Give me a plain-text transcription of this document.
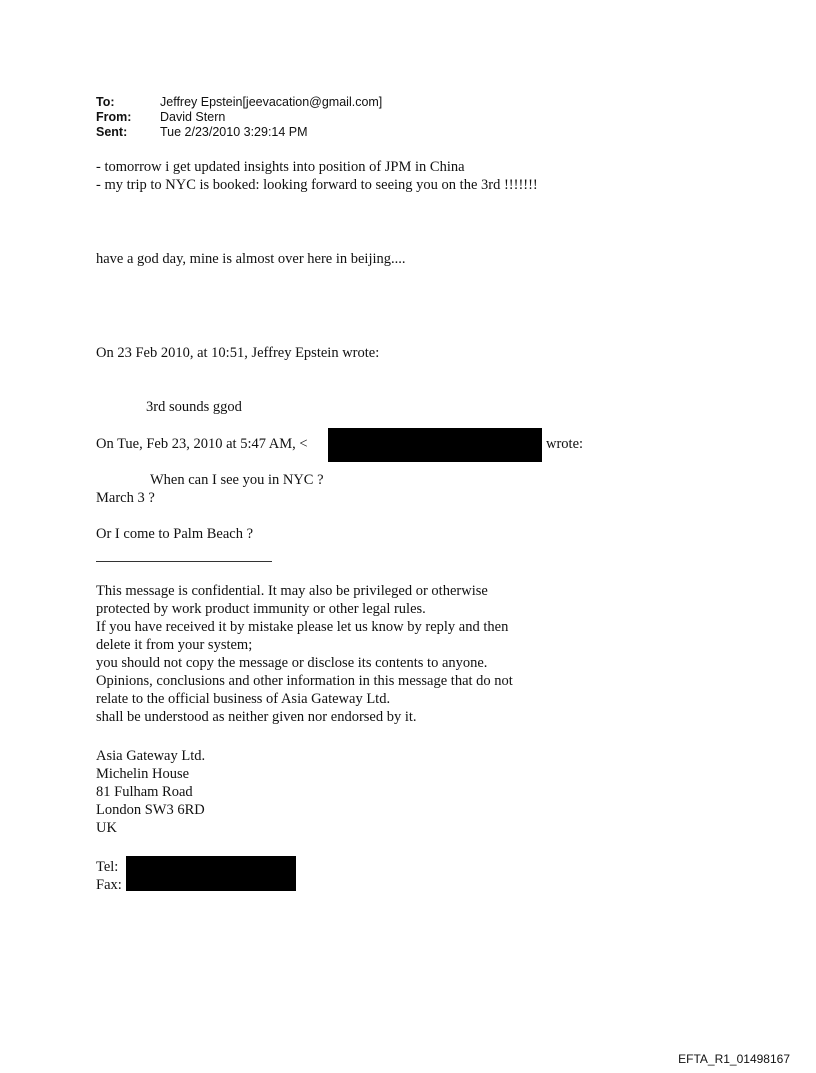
To:	Jeffrey Epstein[jeevacation@gmail.com]
From:	David Stern
Sent:	Tue 2/23/2010 3:29:14 PM
- tomorrow i get updated insights into position of JPM in China
- my trip to NYC is booked: looking forward to seeing you on the 3rd !!!!!!!
have a god day, mine is almost over here in beijing....
On 23 Feb 2010, at 10:51, Jeffrey Epstein wrote:
3rd sounds ggod
On Tue, Feb 23, 2010 at 5:47 AM, <	wrote:
When can I see you in NYC ?
March 3 ?
Or I come to Palm Beach ?
This message is confidential. It may also be privileged or otherwise
protected by work product immunity or other legal rules.
If you have received it by mistake please let us know by reply and then
delete it from your system;
you should not copy the message or disclose its contents to anyone.
Opinions, conclusions and other information in this message that do not
relate to the official business of Asia Gateway Ltd.
shall be understood as neither given nor endorsed by it.
Asia Gateway Ltd.
Michelin House
81 Fulham Road
London SW3 6RD
UK
Tel:
Fax:
EFTA_R1_01498167
